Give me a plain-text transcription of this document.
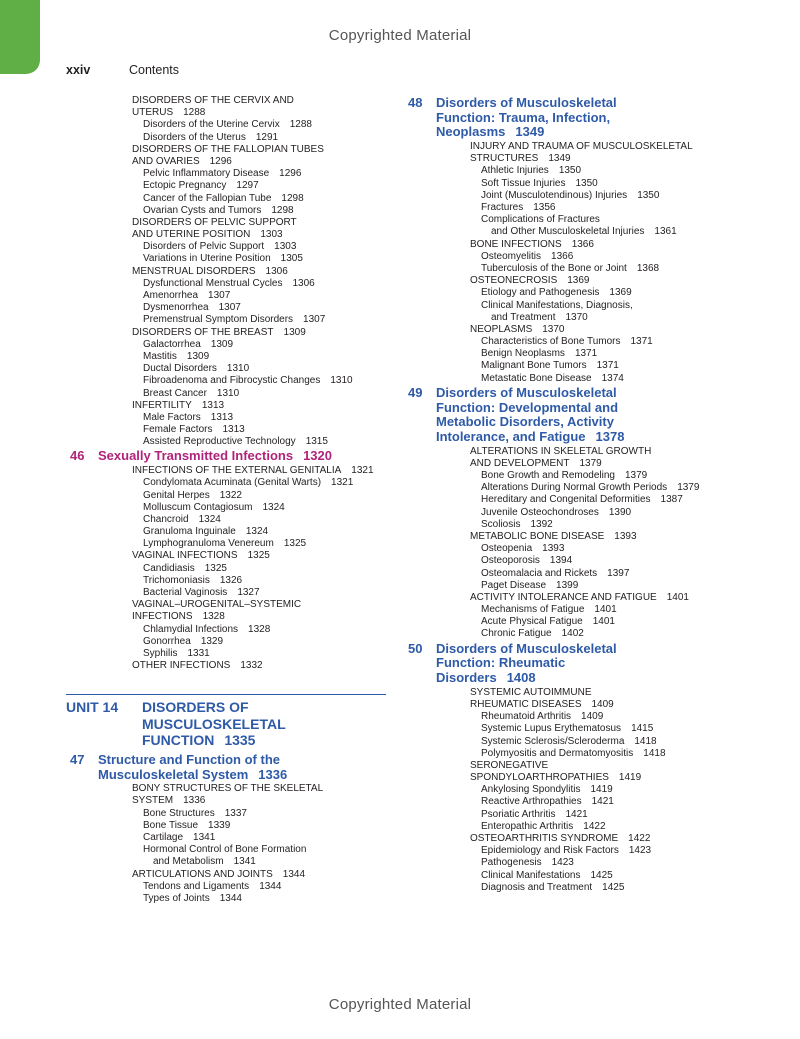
Copyrighted Material
xxiv	Contents
DISORDERS OF THE CERVIX AND
UTERUS 1288
Disorders of the Uterine Cervix 1288
Disorders of the Uterus 1291
DISORDERS OF THE FALLOPIAN TUBES
AND OVARIES 1296
Pelvic Inflammatory Disease 1296
Ectopic Pregnancy 1297
Cancer of the Fallopian Tube 1298
Ovarian Cysts and Tumors 1298
DISORDERS OF PELVIC SUPPORT
AND UTERINE POSITION 1303
Disorders of Pelvic Support 1303
Variations in Uterine Position 1305
MENSTRUAL DISORDERS 1306
Dysfunctional Menstrual Cycles 1306
Amenorrhea 1307
Dysmenorrhea 1307
Premenstrual Symptom Disorders 1307
DISORDERS OF THE BREAST 1309
Galactorrhea 1309
Mastitis 1309
Ductal Disorders 1310
Fibroadenoma and Fibrocystic Changes 1310
Breast Cancer 1310
INFERTILITY 1313
Male Factors 1313
Female Factors 1313
Assisted Reproductive Technology 1315
46	Sexually Transmitted Infections 1320
INFECTIONS OF THE EXTERNAL GENITALIA 1321
Condylomata Acuminata (Genital Warts) 1321
Genital Herpes 1322
Molluscum Contagiosum 1324
Chancroid 1324
Granuloma Inguinale 1324
Lymphogranuloma Venereum 1325
VAGINAL INFECTIONS 1325
Candidiasis 1325
Trichomoniasis 1326
Bacterial Vaginosis 1327
VAGINAL–UROGENITAL–SYSTEMIC
INFECTIONS 1328
Chlamydial Infections 1328
Gonorrhea 1329
Syphilis 1331
OTHER INFECTIONS 1332
UNIT 14	DISORDERS OF
MUSCULOSKELETAL
FUNCTION 1335
47	Structure and Function of the
Musculoskeletal System 1336
BONY STRUCTURES OF THE SKELETAL
SYSTEM 1336
Bone Structures 1337
Bone Tissue 1339
Cartilage 1341
Hormonal Control of Bone Formation
and Metabolism 1341
ARTICULATIONS AND JOINTS 1344
Tendons and Ligaments 1344
Types of Joints 1344
48	Disorders of Musculoskeletal
Function: Trauma, Infection,
Neoplasms 1349
INJURY AND TRAUMA OF MUSCULOSKELETAL
STRUCTURES 1349
Athletic Injuries 1350
Soft Tissue Injuries 1350
Joint (Musculotendinous) Injuries 1350
Fractures 1356
Complications of Fractures
and Other Musculoskeletal Injuries 1361
BONE INFECTIONS 1366
Osteomyelitis 1366
Tuberculosis of the Bone or Joint 1368
OSTEONECROSIS 1369
Etiology and Pathogenesis 1369
Clinical Manifestations, Diagnosis,
and Treatment 1370
NEOPLASMS 1370
Characteristics of Bone Tumors 1371
Benign Neoplasms 1371
Malignant Bone Tumors 1371
Metastatic Bone Disease 1374
49	Disorders of Musculoskeletal
Function: Developmental and
Metabolic Disorders, Activity
Intolerance, and Fatigue 1378
ALTERATIONS IN SKELETAL GROWTH
AND DEVELOPMENT 1379
Bone Growth and Remodeling 1379
Alterations During Normal Growth Periods 1379
Hereditary and Congenital Deformities 1387
Juvenile Osteochondroses 1390
Scoliosis 1392
METABOLIC BONE DISEASE 1393
Osteopenia 1393
Osteoporosis 1394
Osteomalacia and Rickets 1397
Paget Disease 1399
ACTIVITY INTOLERANCE AND FATIGUE 1401
Mechanisms of Fatigue 1401
Acute Physical Fatigue 1401
Chronic Fatigue 1402
50	Disorders of Musculoskeletal
Function: Rheumatic
Disorders 1408
SYSTEMIC AUTOIMMUNE
RHEUMATIC DISEASES 1409
Rheumatoid Arthritis 1409
Systemic Lupus Erythematosus 1415
Systemic Sclerosis/Scleroderma 1418
Polymyositis and Dermatomyositis 1418
SERONEGATIVE
SPONDYLOARTHROPATHIES 1419
Ankylosing Spondylitis 1419
Reactive Arthropathies 1421
Psoriatic Arthritis 1421
Enteropathic Arthritis 1422
OSTEOARTHRITIS SYNDROME 1422
Epidemiology and Risk Factors 1423
Pathogenesis 1423
Clinical Manifestations 1425
Diagnosis and Treatment 1425
Copyrighted Material
